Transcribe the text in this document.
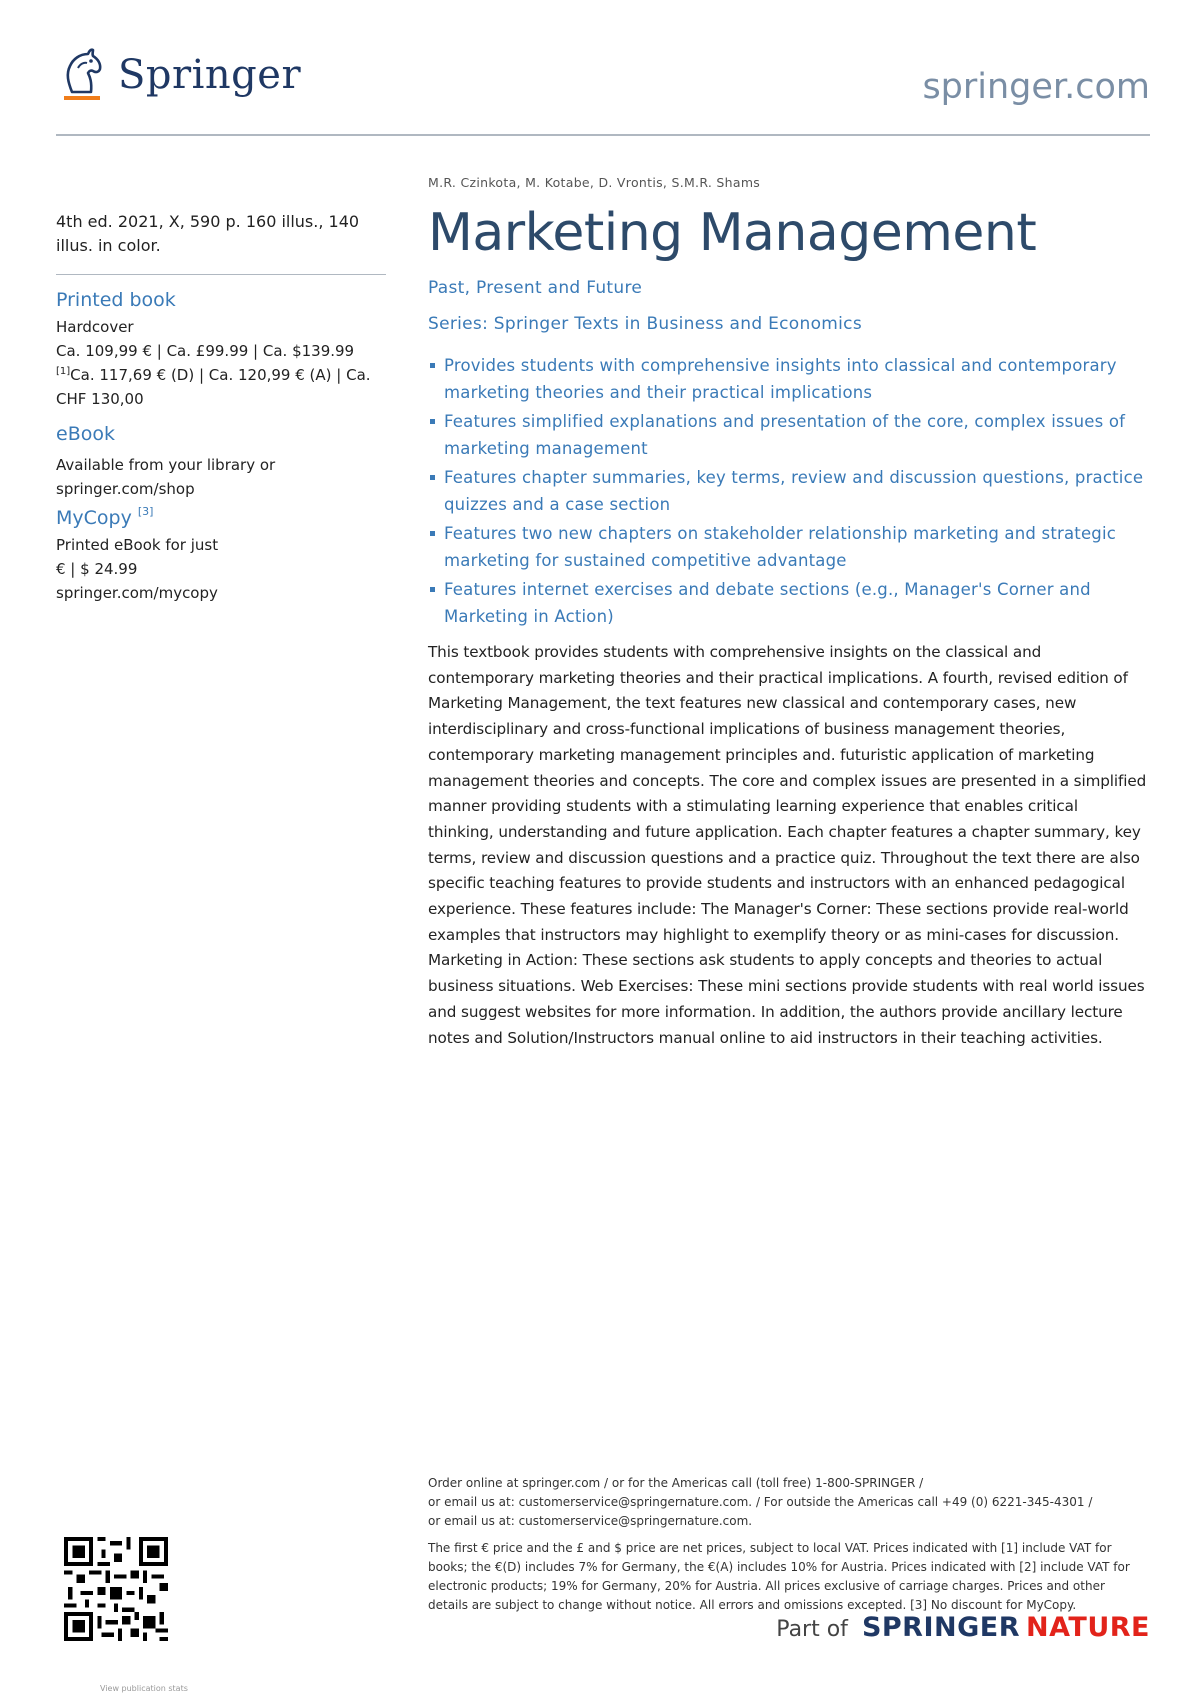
Springer	springer.com
4th ed. 2021, X, 590 p. 160 illus., 140 illus. in color.
Printed book
Hardcover
Ca. 109,99 € | Ca. £99.99 | Ca. $139.99
[1]Ca. 117,69 € (D) | Ca. 120,99 € (A) | Ca. CHF 130,00
eBook
Available from your library or springer.com/shop
MyCopy [3]
Printed eBook for just
€ | $ 24.99
springer.com/mycopy
M.R. Czinkota, M. Kotabe, D. Vrontis, S.M.R. Shams
Marketing Management
Past, Present and Future
Series: Springer Texts in Business and Economics
Provides students with comprehensive insights into classical and contemporary marketing theories and their practical implications
Features simplified explanations and presentation of the core, complex issues of marketing management
Features chapter summaries, key terms, review and discussion questions, practice quizzes and a case section
Features two new chapters on stakeholder relationship marketing and strategic marketing for sustained competitive advantage
Features internet exercises and debate sections (e.g., Manager's Corner and Marketing in Action)
This textbook provides students with comprehensive insights on the classical and contemporary marketing theories and their practical implications. A fourth, revised edition of Marketing Management, the text features new classical and contemporary cases, new interdisciplinary and cross-functional implications of business management theories, contemporary marketing management principles and. futuristic application of marketing management theories and concepts. The core and complex issues are presented in a simplified manner providing students with a stimulating learning experience that enables critical thinking, understanding and future application. Each chapter features a chapter summary, key terms, review and discussion questions and a practice quiz. Throughout the text there are also specific teaching features to provide students and instructors with an enhanced pedagogical experience. These features include: The Manager's Corner: These sections provide real-world examples that instructors may highlight to exemplify theory or as mini-cases for discussion. Marketing in Action: These sections ask students to apply concepts and theories to actual business situations. Web Exercises: These mini sections provide students with real world issues and suggest websites for more information. In addition, the authors provide ancillary lecture notes and Solution/Instructors manual online to aid instructors in their teaching activities.

Order online at springer.com / or for the Americas call (toll free) 1-800-SPRINGER /

or email us at: customerservice@springernature.com. / For outside the Americas call +49 (0) 6221-345-4301 /

or email us at: customerservice@springernature.com.

The first € price and the £ and $ price are net prices, subject to local VAT. Prices indicated with [1] include VAT for books; the €(D) includes 7% for Germany, the €(A) includes 10% for Austria. Prices indicated with [2] include VAT for electronic products; 19% for Germany, 20% for Austria. All prices exclusive of carriage charges. Prices and other details are subject to change without notice. All errors and omissions excepted. [3] No discount for MyCopy.

Part of SPRINGER NATURE
View publication stats
